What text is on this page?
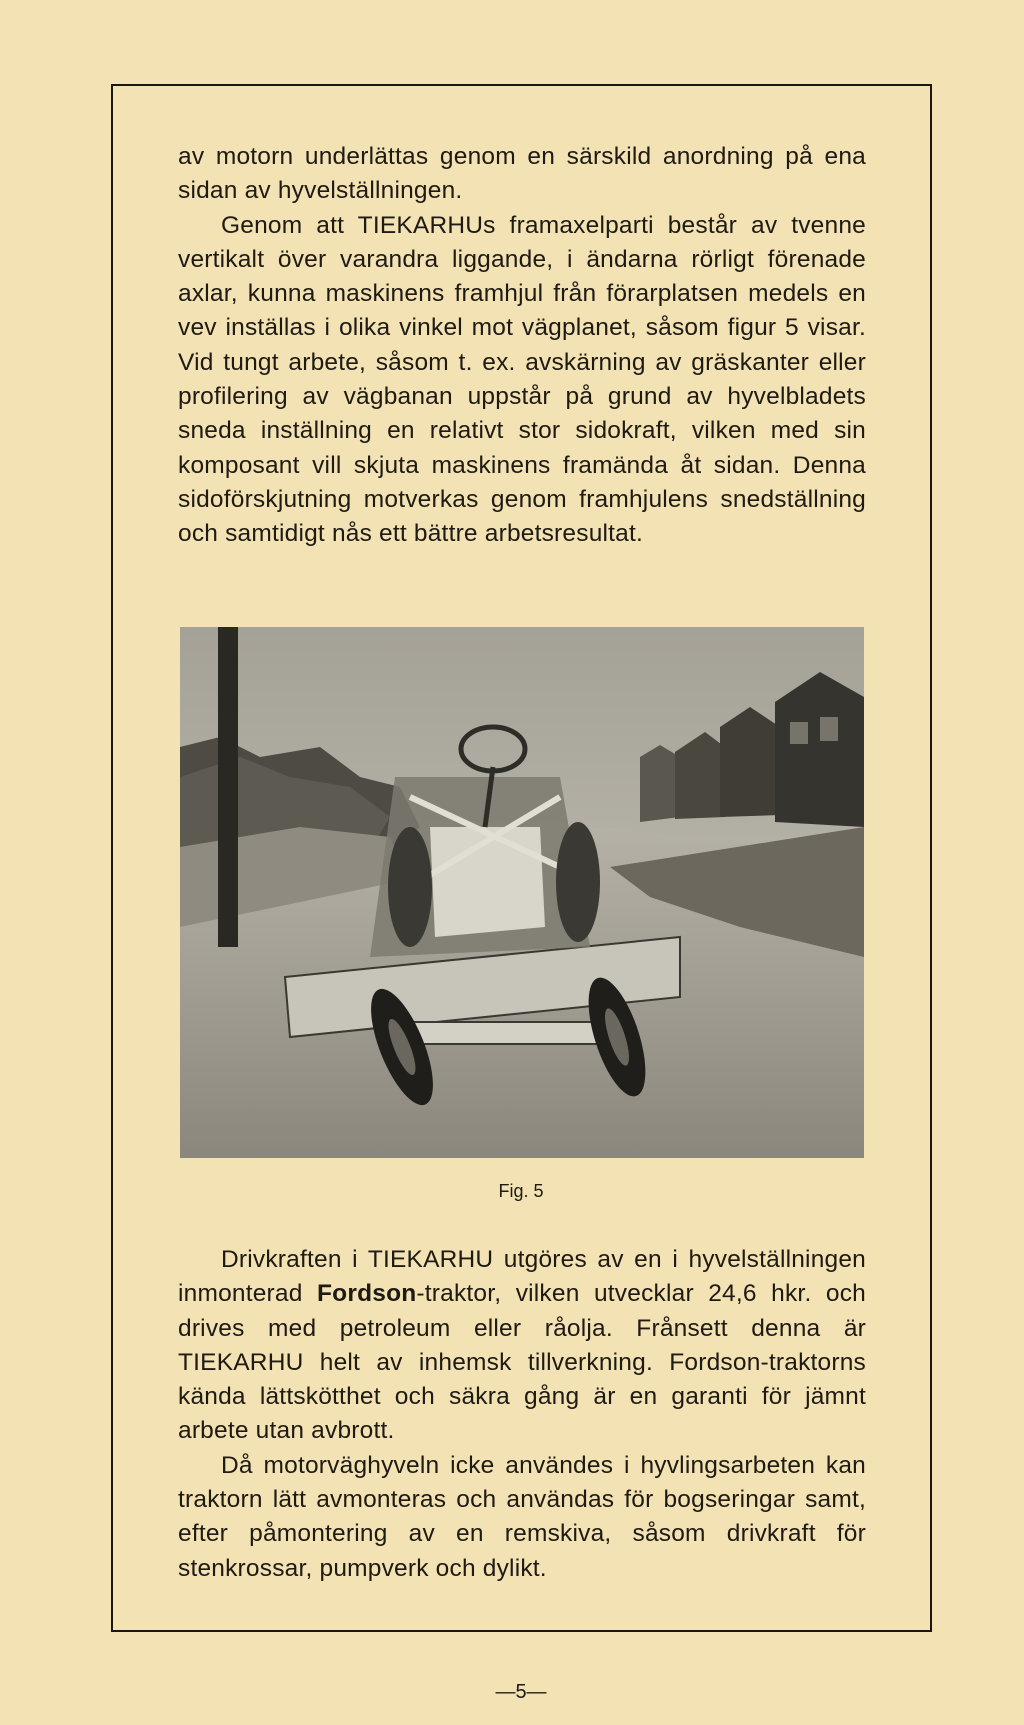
av motorn underlättas genom en särskild anordning på ena sidan av hyvelställningen.

Genom att TIEKARHUs framaxelparti består av tvenne vertikalt över varandra liggande, i ändarna rörligt förenade axlar, kunna maskinens framhjul från förarplatsen medels en vev inställas i olika vinkel mot vägplanet, såsom figur 5 visar. Vid tungt arbete, såsom t. ex. avskärning av gräskanter eller profilering av vägbanan uppstår på grund av hyvelbladets sneda inställning en relativt stor sidokraft, vilken med sin komposant vill skjuta maskinens framända åt sidan. Denna sidoförskjutning motverkas genom framhjulens snedställning och samtidigt nås ett bättre arbetsresultat.

Fig. 5

Drivkraften i TIEKARHU utgöres av en i hyvelställningen inmonterad Fordson-traktor, vilken utvecklar 24,6 hkr. och drives med petroleum eller råolja. Frånsett denna är TIEKARHU helt av inhemsk tillverkning. Fordson-traktorns kända lättskötthet och säkra gång är en garanti för jämnt arbete utan avbrott.

Då motorväghyveln icke användes i hyvlingsarbeten kan traktorn lätt avmonteras och användas för bogseringar samt, efter påmontering av en remskiva, såsom drivkraft för stenkrossar, pumpverk och dylikt.

—5—
